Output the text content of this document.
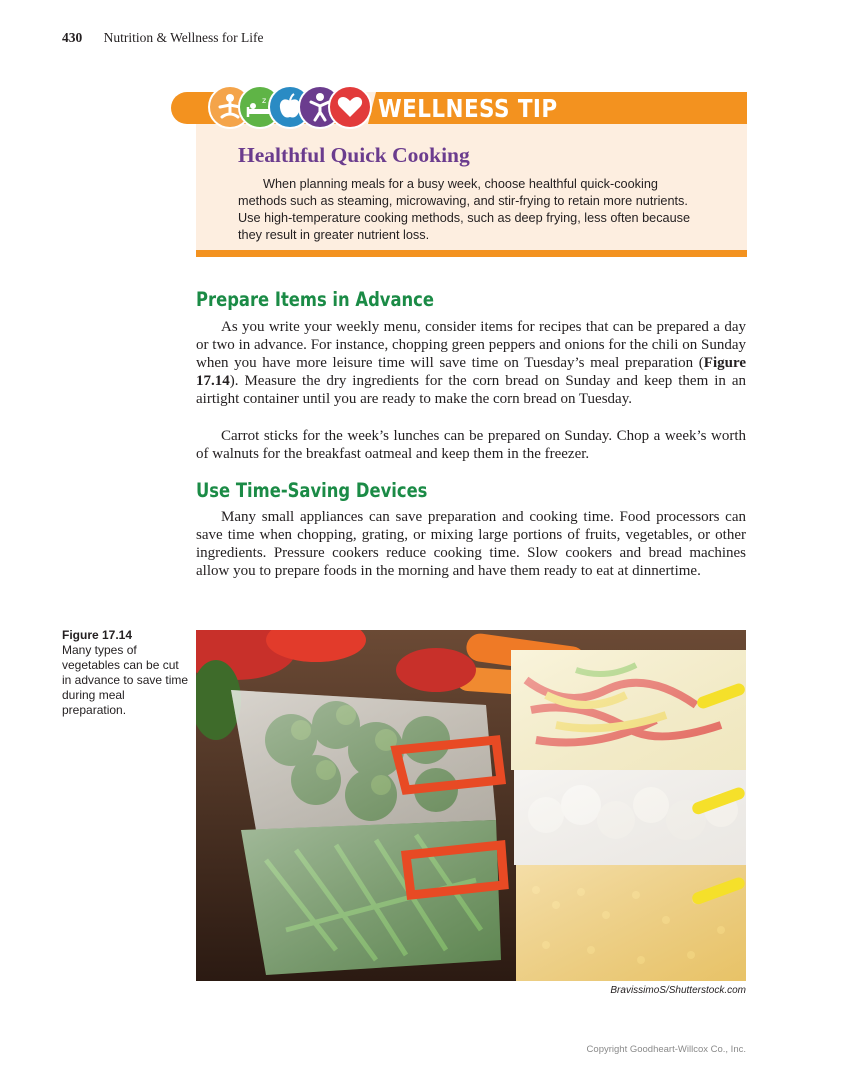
430 Nutrition & Wellness for Life
WELLNESS TIP
z
Healthful Quick Cooking

When planning meals for a busy week, choose healthful quick-cooking methods such as steaming, microwaving, and stir-frying to retain more nutrients. Use high-temperature cooking methods, such as deep frying, less often because they result in greater nutrient loss.

Prepare Items in Advance

As you write your weekly menu, consider items for recipes that can be prepared a day or two in advance. For instance, chopping green peppers and onions for the chili on Sunday when you have more leisure time will save time on Tuesday’s meal preparation (Figure 17.14). Measure the dry ingredients for the corn bread on Sunday and keep them in an airtight container until you are ready to make the corn bread on Tuesday.

Carrot sticks for the week’s lunches can be prepared on Sunday. Chop a week’s worth of walnuts for the breakfast oatmeal and keep them in the freezer.

Use Time-Saving Devices

Many small appliances can save preparation and cooking time. Food processors can save time when chopping, grating, or mixing large portions of fruits, vegetables, or other ingredients. Pressure cookers reduce cooking time. Slow cookers and bread machines allow you to prepare foods in the morning and have them ready to eat at dinnertime.

Figure 17.14
Many types of vegetables can be cut in advance to save time during meal preparation.
BravissimoS/Shutterstock.com
Copyright Goodheart-Willcox Co., Inc.
